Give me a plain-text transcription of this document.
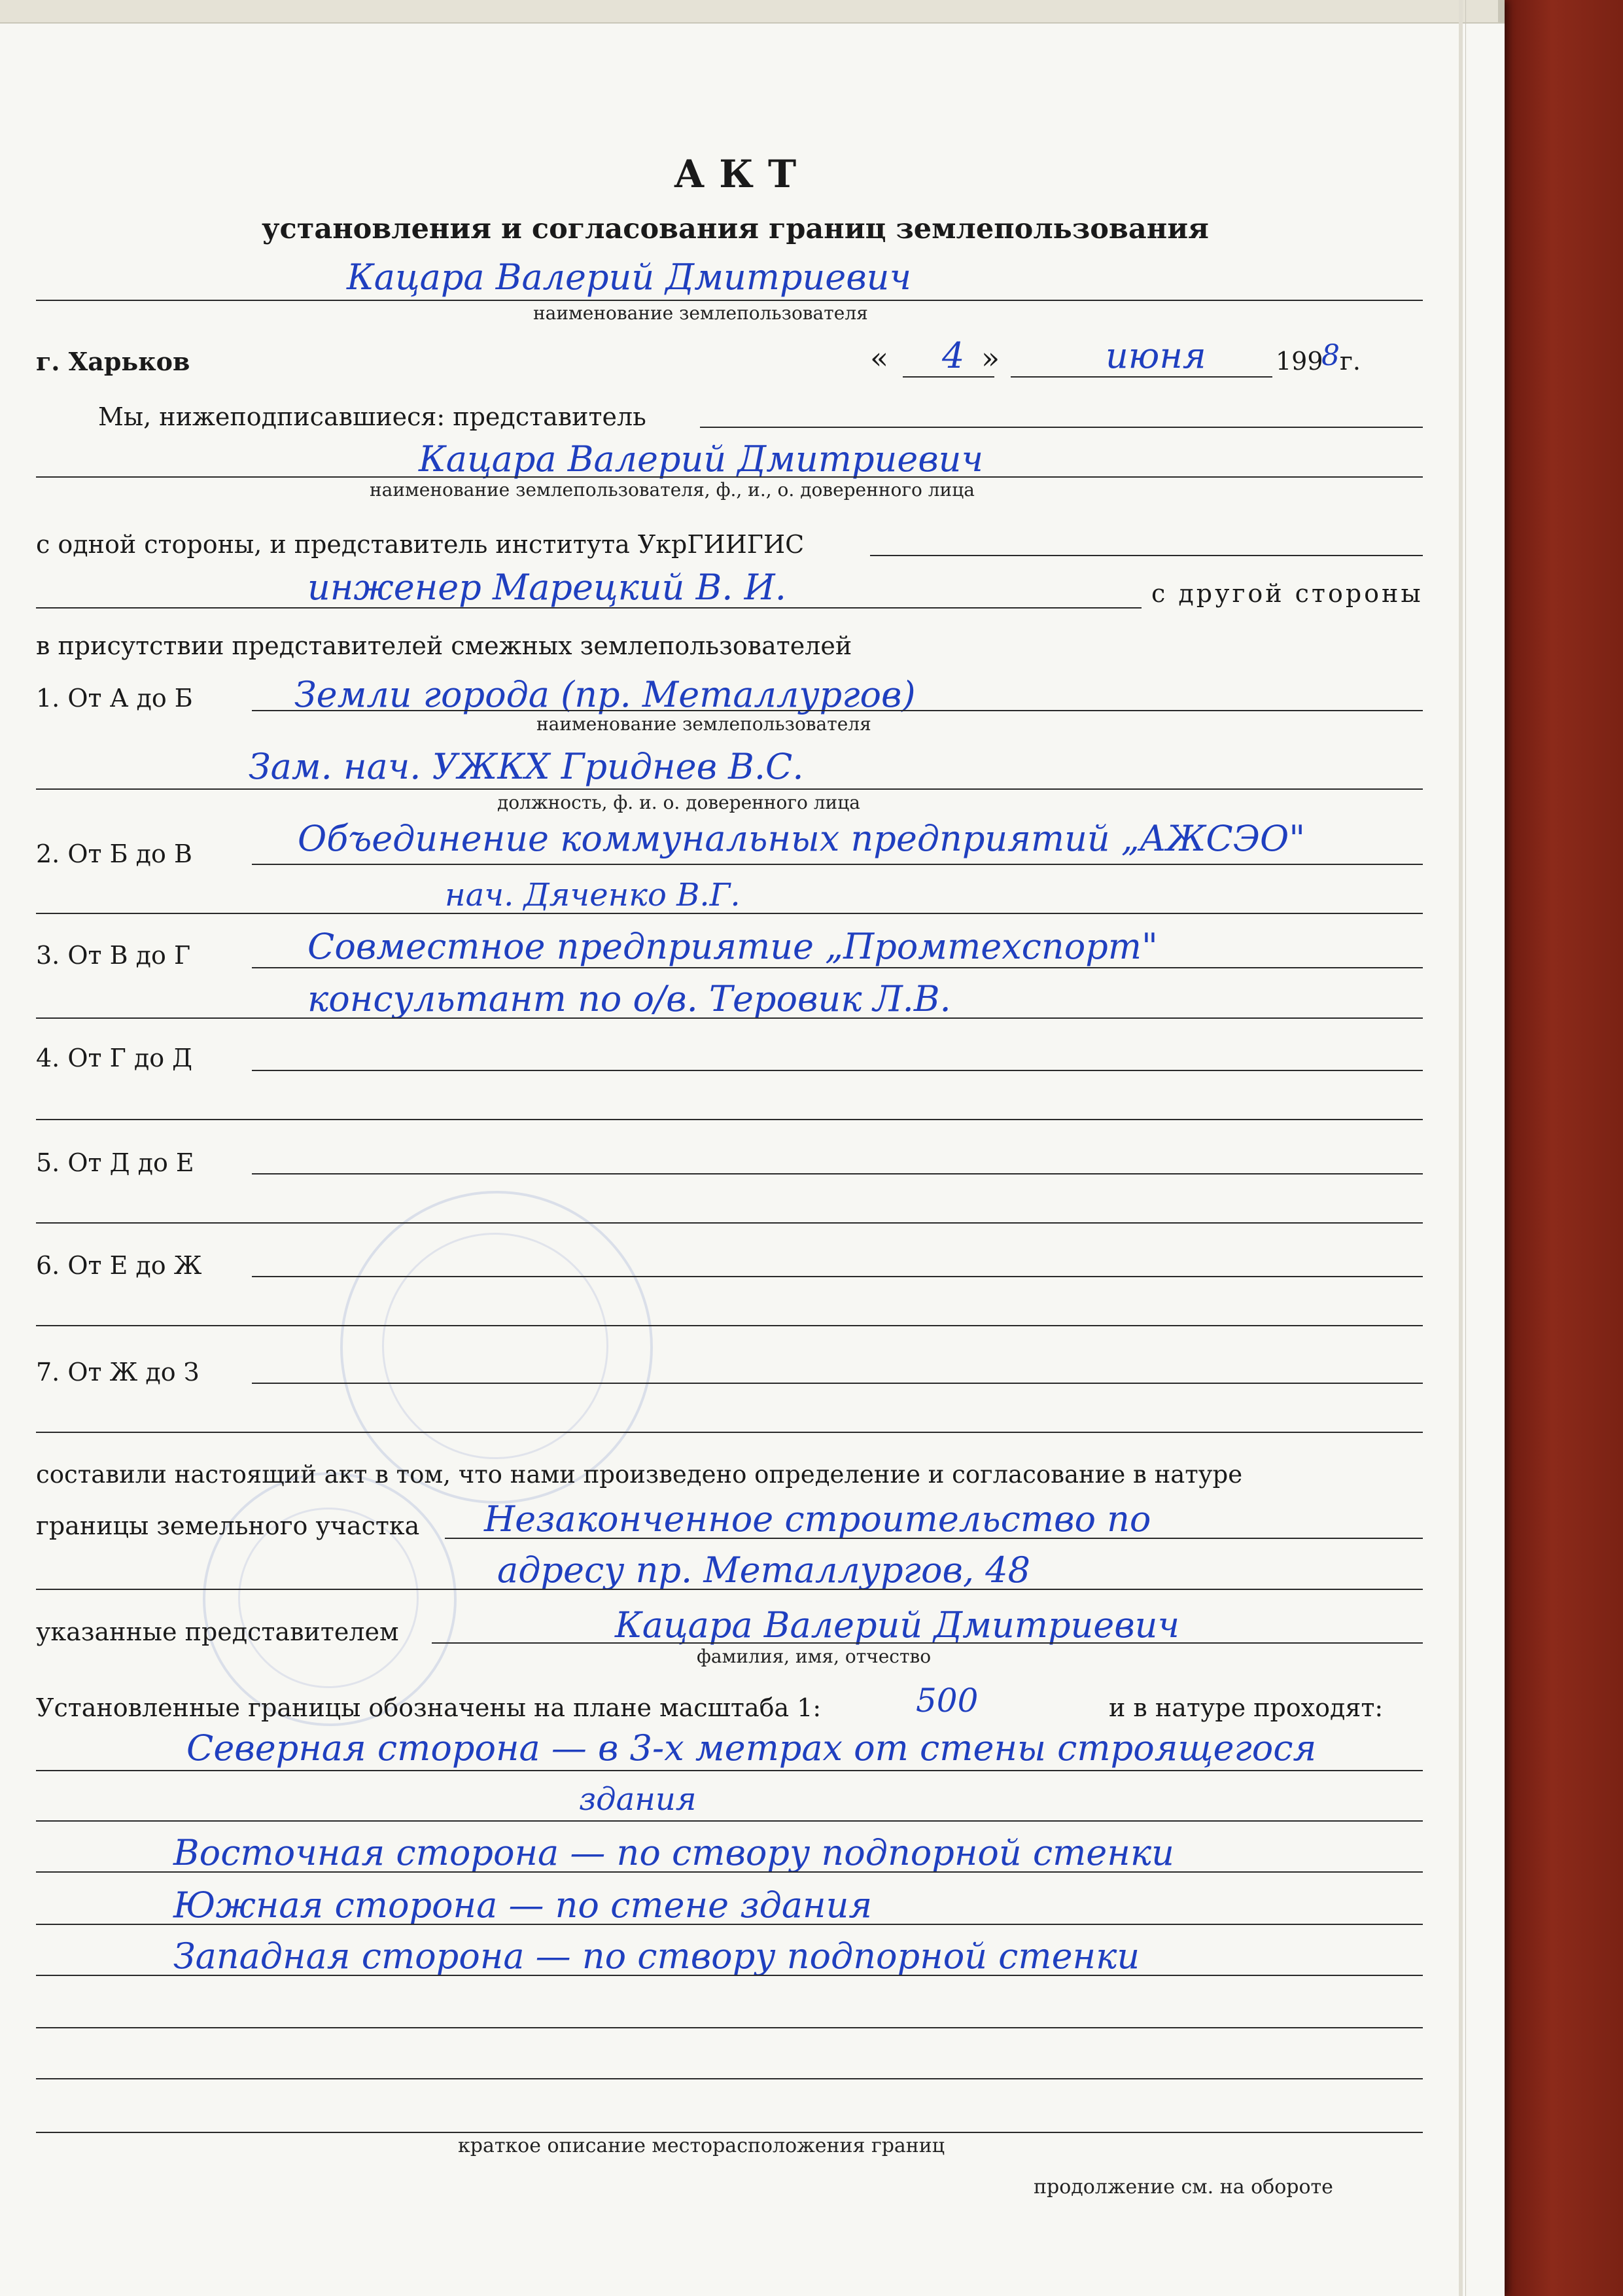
АКТ
установления и согласования границ землепользования
Кацара Валерий Дмитриевич
наименование землепользователя
г. Харьков	« 4 »	июня	199
8 г.
Мы, нижеподписавшиеся: представитель
Кацара Валерий Дмитриевич
наименование землепользователя, ф., и., о. доверенного лица
с одной стороны, и представитель института УкрГИИГИС
инженер Марецкий В. И.	с другой стороны
в присутствии представителей смежных землепользователей
1. От А до Б	Земли города (пр. Металлургов)
наименование землепользователя
Зам. нач. УЖКХ Гриднев В.С.
должность, ф. и. о. доверенного лица
2. От Б до В	Объединение коммунальных предприятий „АЖСЭО"
нач. Дяченко В.Г.
3. От В до Г	Совместное предприятие „Промтехспорт"
консультант по о/в. Теровик Л.В.
4. От Г до Д
5. От Д до Е
6. От Е до Ж
7. От Ж до З
составили настоящий акт в том, что нами произведено определение и согласование в натуре
границы земельного участка Незаконченное строительство по
адресу пр. Металлургов, 48
указанные представителем	Кацара Валерий Дмитриевич
фамилия, имя, отчество
Установленные границы обозначены на плане масштаба 1:	500	и в натуре проходят:
Северная сторона — в 3-х метрах от стены строящегося
здания
Восточная сторона — по створу подпорной стенки
Южная сторона — по стене здания
Западная сторона — по створу подпорной стенки
краткое описание месторасположения границ
продолжение см. на обороте
